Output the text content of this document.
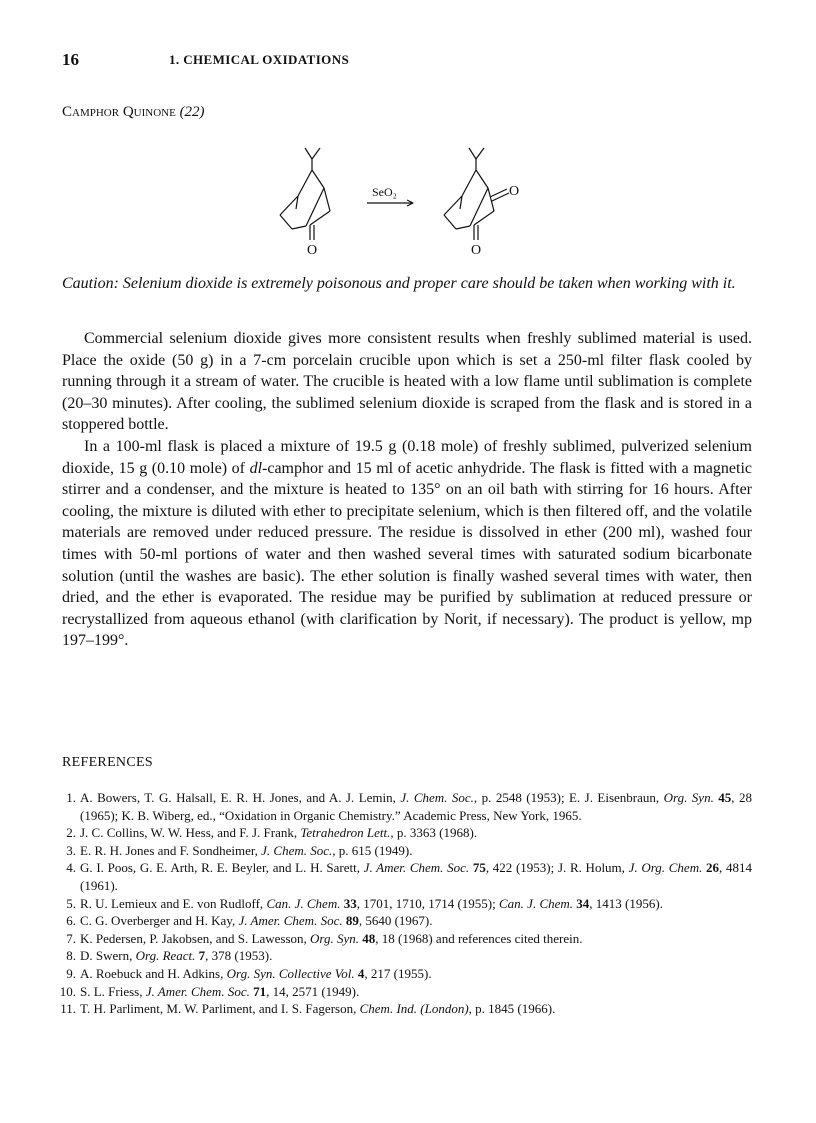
16	1. CHEMICAL OXIDATIONS
Camphor Quinone (22)
SeO₂
O	O
O

Caution: Selenium dioxide is extremely poisonous and proper care should be taken when working with it.

Commercial selenium dioxide gives more consistent results when freshly sublimed material is used. Place the oxide (50 g) in a 7-cm porcelain crucible upon which is set a 250-ml filter flask cooled by running through it a stream of water. The crucible is heated with a low flame until sublimation is complete (20–30 minutes). After cooling, the sublimed selenium dioxide is scraped from the flask and is stored in a stoppered bottle.

In a 100-ml flask is placed a mixture of 19.5 g (0.18 mole) of freshly sublimed, pulverized selenium dioxide, 15 g (0.10 mole) of dl-camphor and 15 ml of acetic anhydride. The flask is fitted with a magnetic stirrer and a condenser, and the mixture is heated to 135° on an oil bath with stirring for 16 hours. After cooling, the mixture is diluted with ether to precipitate selenium, which is then filtered off, and the volatile materials are removed under reduced pressure. The residue is dissolved in ether (200 ml), washed four times with 50-ml portions of water and then washed several times with saturated sodium bicarbonate solution (until the washes are basic). The ether solution is finally washed several times with water, then dried, and the ether is evaporated. The residue may be purified by sublimation at reduced pressure or recrystallized from aqueous ethanol (with clarification by Norit, if necessary). The product is yellow, mp 197–199°.

REFERENCES
1. A. Bowers, T. G. Halsall, E. R. H. Jones, and A. J. Lemin, J. Chem. Soc., p. 2548 (1953); E. J. Eisenbraun, Org. Syn. 45, 28 (1965); K. B. Wiberg, ed., “Oxidation in Organic Chemistry.” Academic Press, New York, 1965.
2. J. C. Collins, W. W. Hess, and F. J. Frank, Tetrahedron Lett., p. 3363 (1968).
3. E. R. H. Jones and F. Sondheimer, J. Chem. Soc., p. 615 (1949).
4. G. I. Poos, G. E. Arth, R. E. Beyler, and L. H. Sarett, J. Amer. Chem. Soc. 75, 422 (1953); J. R. Holum, J. Org. Chem. 26, 4814 (1961).
5. R. U. Lemieux and E. von Rudloff, Can. J. Chem. 33, 1701, 1710, 1714 (1955); Can. J. Chem. 34, 1413 (1956).
6. C. G. Overberger and H. Kay, J. Amer. Chem. Soc. 89, 5640 (1967).
7. K. Pedersen, P. Jakobsen, and S. Lawesson, Org. Syn. 48, 18 (1968) and references cited therein.
8. D. Swern, Org. React. 7, 378 (1953).
9. A. Roebuck and H. Adkins, Org. Syn. Collective Vol. 4, 217 (1955).
10. S. L. Friess, J. Amer. Chem. Soc. 71, 14, 2571 (1949).
11. T. H. Parliment, M. W. Parliment, and I. S. Fagerson, Chem. Ind. (London), p. 1845 (1966).
